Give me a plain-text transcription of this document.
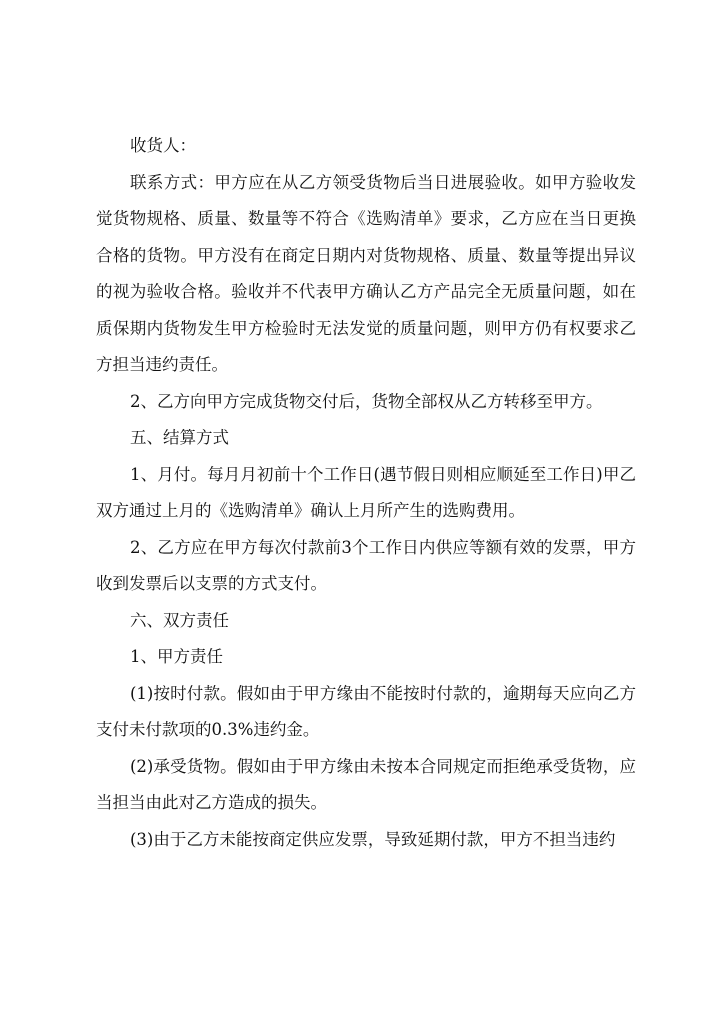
收货人：

联系方式：甲方应在从乙方领受货物后当日进展验收。如甲方验收发觉货物规格、质量、数量等不符合《选购清单》要求，乙方应在当日更换合格的货物。甲方没有在商定日期内对货物规格、质量、数量等提出异议的视为验收合格。验收并不代表甲方确认乙方产品完全无质量问题，如在质保期内货物发生甲方检验时无法发觉的质量问题，则甲方仍有权要求乙方担当违约责任。

2、乙方向甲方完成货物交付后，货物全部权从乙方转移至甲方。

五、结算方式

1、月付。每月月初前十个工作日(遇节假日则相应顺延至工作日)甲乙双方通过上月的《选购清单》确认上月所产生的选购费用。

2、乙方应在甲方每次付款前3个工作日内供应等额有效的发票，甲方收到发票后以支票的方式支付。

六、双方责任

1、甲方责任

(1)按时付款。假如由于甲方缘由不能按时付款的，逾期每天应向乙方支付未付款项的0.3%违约金。

(2)承受货物。假如由于甲方缘由未按本合同规定而拒绝承受货物，应当担当由此对乙方造成的损失。

(3)由于乙方未能按商定供应发票，导致延期付款，甲方不担当违约
